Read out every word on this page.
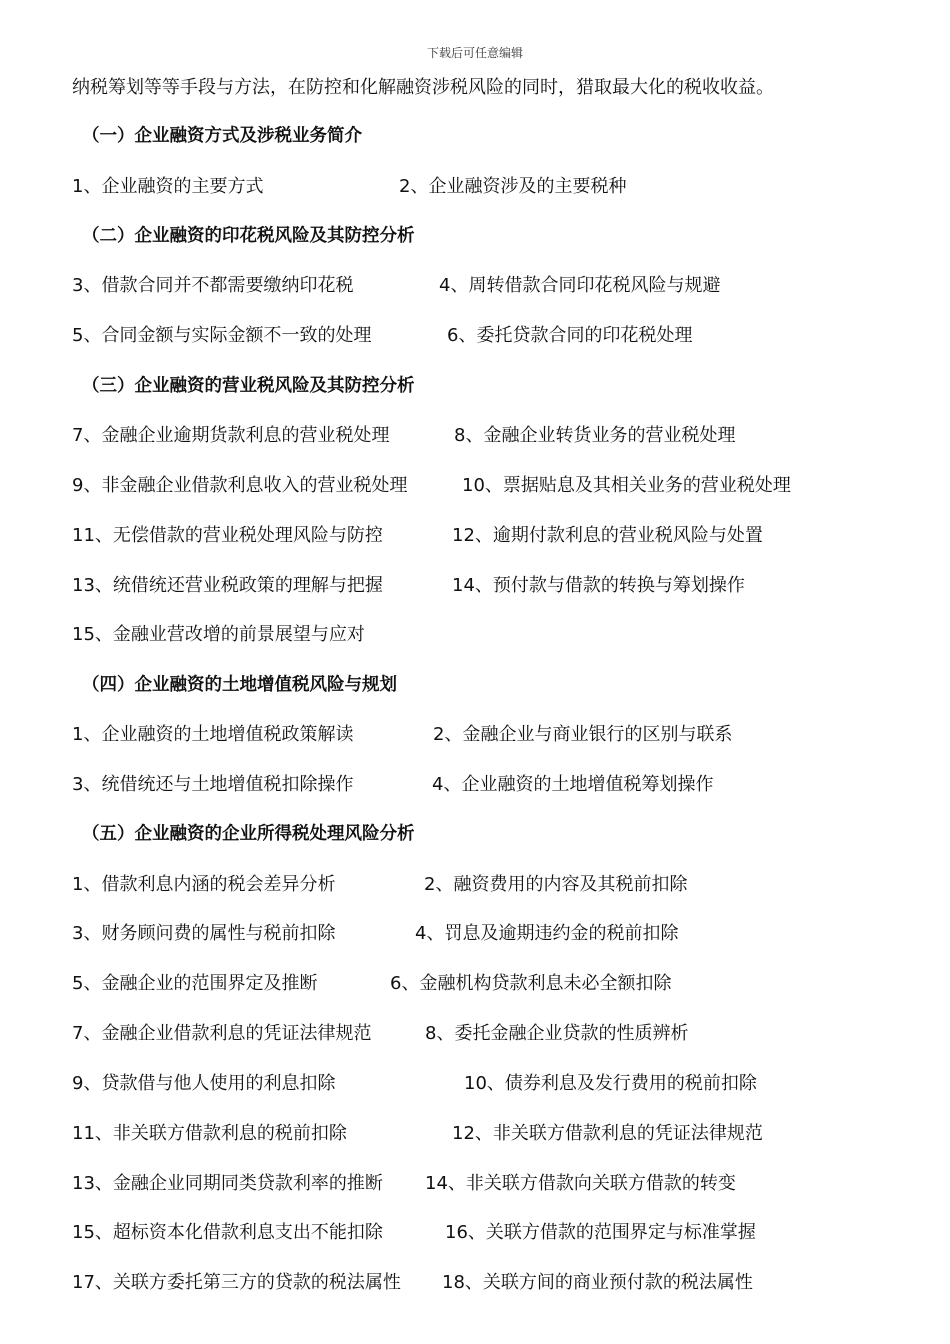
下载后可任意编辑
纳税筹划等等手段与方法，在防控和化解融资涉税风险的同时，猎取最大化的税收收益。
（一）企业融资方式及涉税业务简介
1、企业融资的主要方式	2、企业融资涉及的主要税种
（二）企业融资的印花税风险及其防控分析
3、借款合同并不都需要缴纳印花税	4、周转借款合同印花税风险与规避
5、合同金额与实际金额不一致的处理	6、委托贷款合同的印花税处理
（三）企业融资的营业税风险及其防控分析
7、金融企业逾期货款利息的营业税处理	8、金融企业转货业务的营业税处理
9、非金融企业借款利息收入的营业税处理	10、票据贴息及其相关业务的营业税处理
11、无偿借款的营业税处理风险与防控	12、逾期付款利息的营业税风险与处置
13、统借统还营业税政策的理解与把握	14、预付款与借款的转换与筹划操作
15、金融业营改增的前景展望与应对
（四）企业融资的土地增值税风险与规划
1、企业融资的土地增值税政策解读	2、金融企业与商业银行的区别与联系
3、统借统还与土地增值税扣除操作	4、企业融资的土地增值税筹划操作
（五）企业融资的企业所得税处理风险分析
1、借款利息内涵的税会差异分析	2、融资费用的内容及其税前扣除
3、财务顾问费的属性与税前扣除	4、罚息及逾期违约金的税前扣除
5、金融企业的范围界定及推断	6、金融机构贷款利息未必全额扣除
7、金融企业借款利息的凭证法律规范	8、委托金融企业贷款的性质辨析
9、贷款借与他人使用的利息扣除	10、债券利息及发行费用的税前扣除
11、非关联方借款利息的税前扣除	12、非关联方借款利息的凭证法律规范
13、金融企业同期同类贷款利率的推断	14、非关联方借款向关联方借款的转变
15、超标资本化借款利息支出不能扣除	16、关联方借款的范围界定与标准掌握
17、关联方委托第三方的贷款的税法属性	18、关联方间的商业预付款的税法属性
